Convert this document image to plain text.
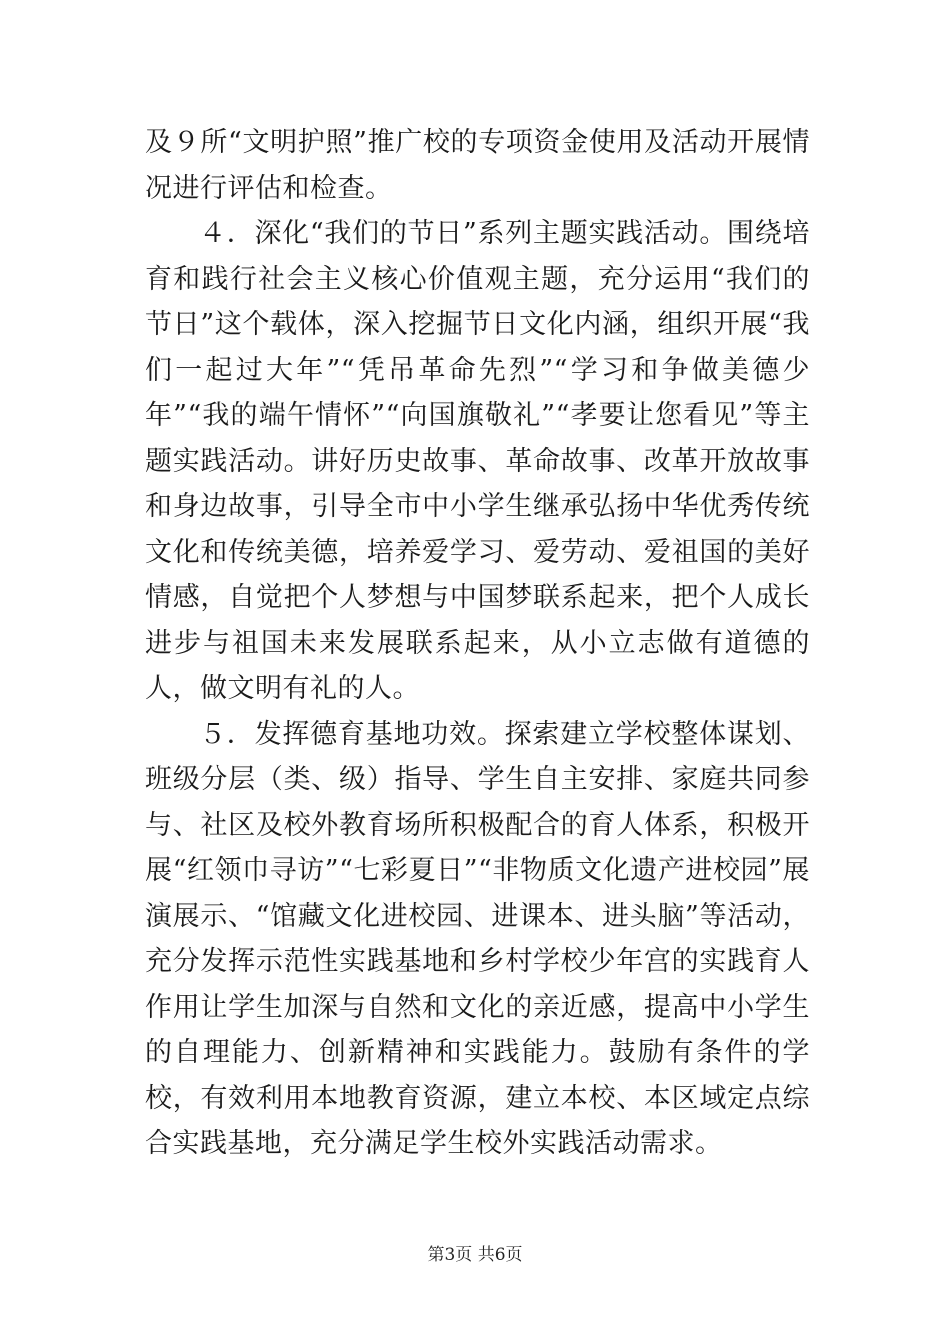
及９所“文明护照”推广校的专项资金使用及活动开展情况进行评估和检查。

４．深化“我们的节日”系列主题实践活动。围绕培育和践行社会主义核心价值观主题，充分运用“我们的节日”这个载体，深入挖掘节日文化内涵，组织开展“我们一起过大年”“凭吊革命先烈”“学习和争做美德少年”“我的端午情怀”“向国旗敬礼”“孝要让您看见”等主题实践活动。讲好历史故事、革命故事、改革开放故事和身边故事，引导全市中小学生继承弘扬中华优秀传统文化和传统美德，培养爱学习、爱劳动、爱祖国的美好情感，自觉把个人梦想与中国梦联系起来，把个人成长进步与祖国未来发展联系起来，从小立志做有道德的人，做文明有礼的人。

５．发挥德育基地功效。探索建立学校整体谋划、班级分层（类、级）指导、学生自主安排、家庭共同参与、社区及校外教育场所积极配合的育人体系，积极开展“红领巾寻访”“七彩夏日”“非物质文化遗产进校园”展演展示、“馆藏文化进校园、进课本、进头脑”等活动，充分发挥示范性实践基地和乡村学校少年宫的实践育人作用让学生加深与自然和文化的亲近感，提高中小学生的自理能力、创新精神和实践能力。鼓励有条件的学校，有效利用本地教育资源，建立本校、本区域定点综合实践基地，充分满足学生校外实践活动需求。

第3页 共6页
